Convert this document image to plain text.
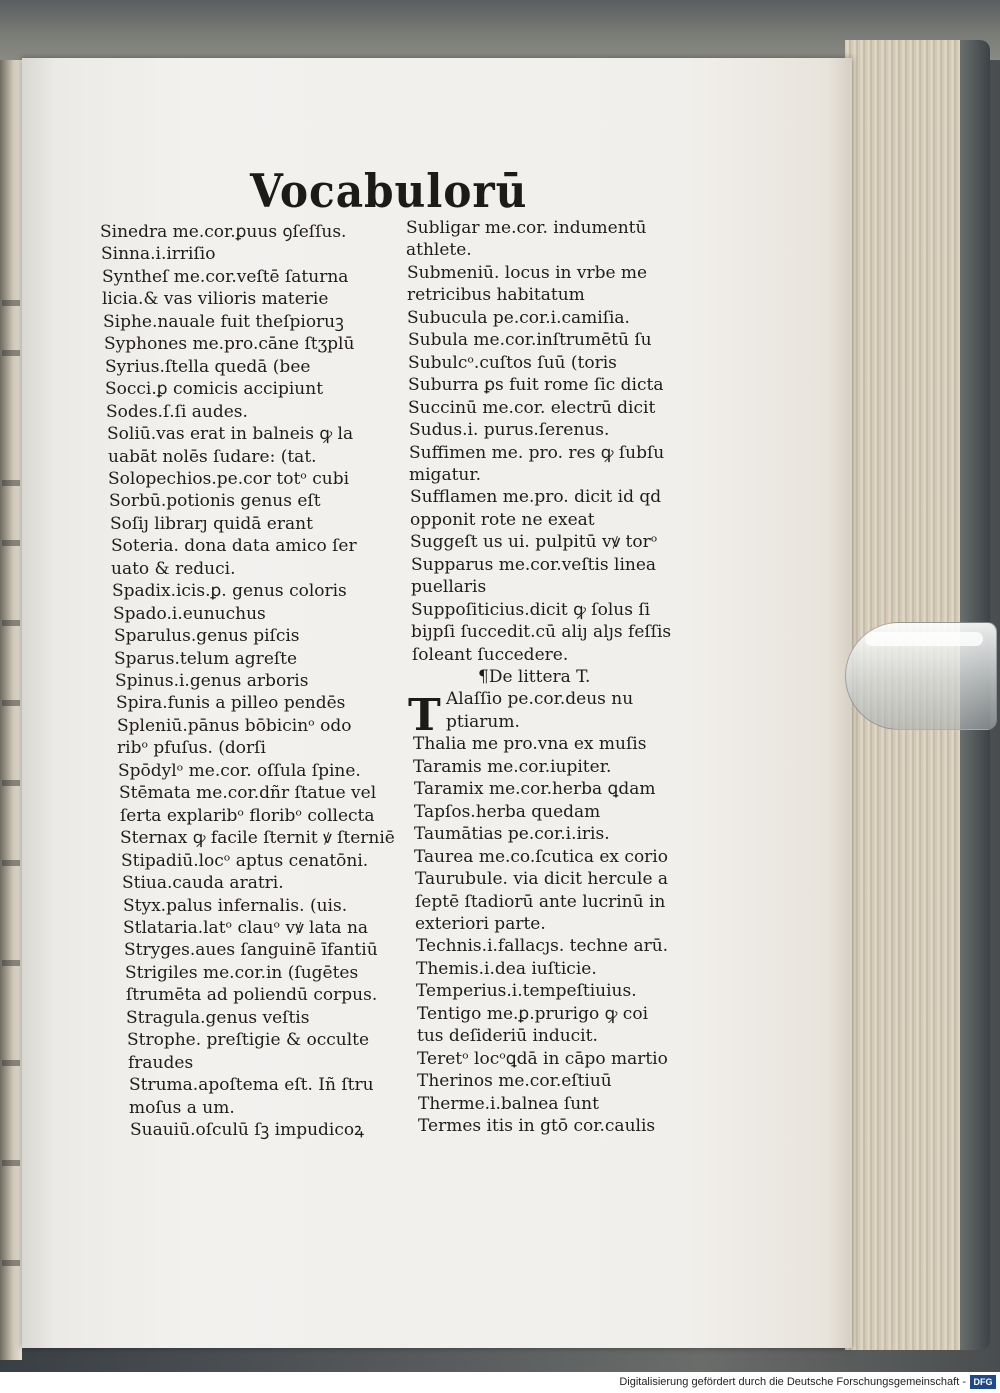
Vocabulorū
Sinedra me.cor.ꝑuus ꝯſeſſus.
Sinna.i.irriſio
Syntheſ me.cor.veſtē ſaturna
licia.& vas vilioris materie
Siphe.nauale fuit theſpioruꝫ
Syphones me.pro.cāne ſtʒplū
Syrius.ſtella quedā (bee
Socci.ꝑ comicis accipiunt
Sodes.ſ.ſi audes.
Soliū.vas erat in balneis ꝙ la
uabāt nolēs ſudare: (tat.
Solopechios.pe.cor totᵒ cubi
Sorbū.potionis genus eſt
Soſiȷ librarȷ quidā erant
Soteria. dona data amico ſer
uato & reduci.
Spadix.icis.ꝑ. genus coloris
Spado.i.eunuchus
Sparulus.genus piſcis
Sparus.telum agreſte
Spinus.i.genus arboris
Spira.funis a pilleo pendēs
Spleniū.pānus bōbicinᵒ odo
ribᵒ pfuſus. (dorſi
Spōdylᵒ me.cor. oſſula ſpine.
Stēmata me.cor.dñr ſtatue vel
ſerta explaribᵒ floribᵒ collecta
Sternax ꝙ facile ſternit ꝟ ſterniē
Stipadiū.locᵒ aptus cenatōni.
Stiua.cauda aratri.
Styx.palus infernalis. (uis.
Stlataria.latᵒ clauᵒ vꝟ lata na
Stryges.aues ſanguinē īfantiū
Strigiles me.cor.in (ſugētes
ſtrumēta ad poliendū corpus.
Stragula.genus veſtis
Strophe. preſtigie & occulte
fraudes
Struma.apoſtema eſt. Iñ ſtru
moſus a um.
Suauiū.oſculū ſꝫ impudicoꝝ
Subligar me.cor. indumentū
athlete.
Submeniū. locus in vrbe me
retricibus habitatum
Subucula pe.cor.i.camiſia.
Subula me.cor.inſtrumētū ſu
Subulcᵒ.cuſtos ſuū (toris
Suburra ꝑs fuit rome ſic dicta
Succinū me.cor. electrū dicit
Sudus.i. purus.ſerenus.
Suffimen me. pro. res ꝙ ſubſu
migatur.
Sufflamen me.pro. dicit id qd
opponit rote ne exeat
Suggeſt us ui. pulpitū vꝟ torᵒ
Supparus me.cor.veſtis linea
puellaris
Suppoſiticius.dicit ꝙ ſolus ſi
biȷpſi ſuccedit.cū aliȷ alȷs feſſis
ſoleant ſuccedere.
¶De littera T.
Alaſſio pe.cor.deus nu
ptiarum.
Thalia me pro.vna ex muſis
Taramis me.cor.iupiter.
Taramix me.cor.herba ꝗdam
Tapſos.herba quedam
Taumātias pe.cor.i.iris.
Taurea me.co.ſcutica ex corio
Taurubule. via dicit hercule a
ſeptē ſtadiorū ante lucrinū in
exteriori parte.
Technis.i.fallacȷs. techne arū.
Themis.i.dea iuſticie.
Temperius.i.tempeſtiuius.
Tentigo me.ꝑ.prurigo ꝙ coi
tus deſideriū inducit.
Teretᵒ locᵒꝗdā in cāpo martio
Therinos me.cor.eſtiuū
Therme.i.balnea ſunt
Termes itis in gtō cor.caulis
T
Digitalisierung gefördert durch die Deutsche Forschungsgemeinschaft - DFG
